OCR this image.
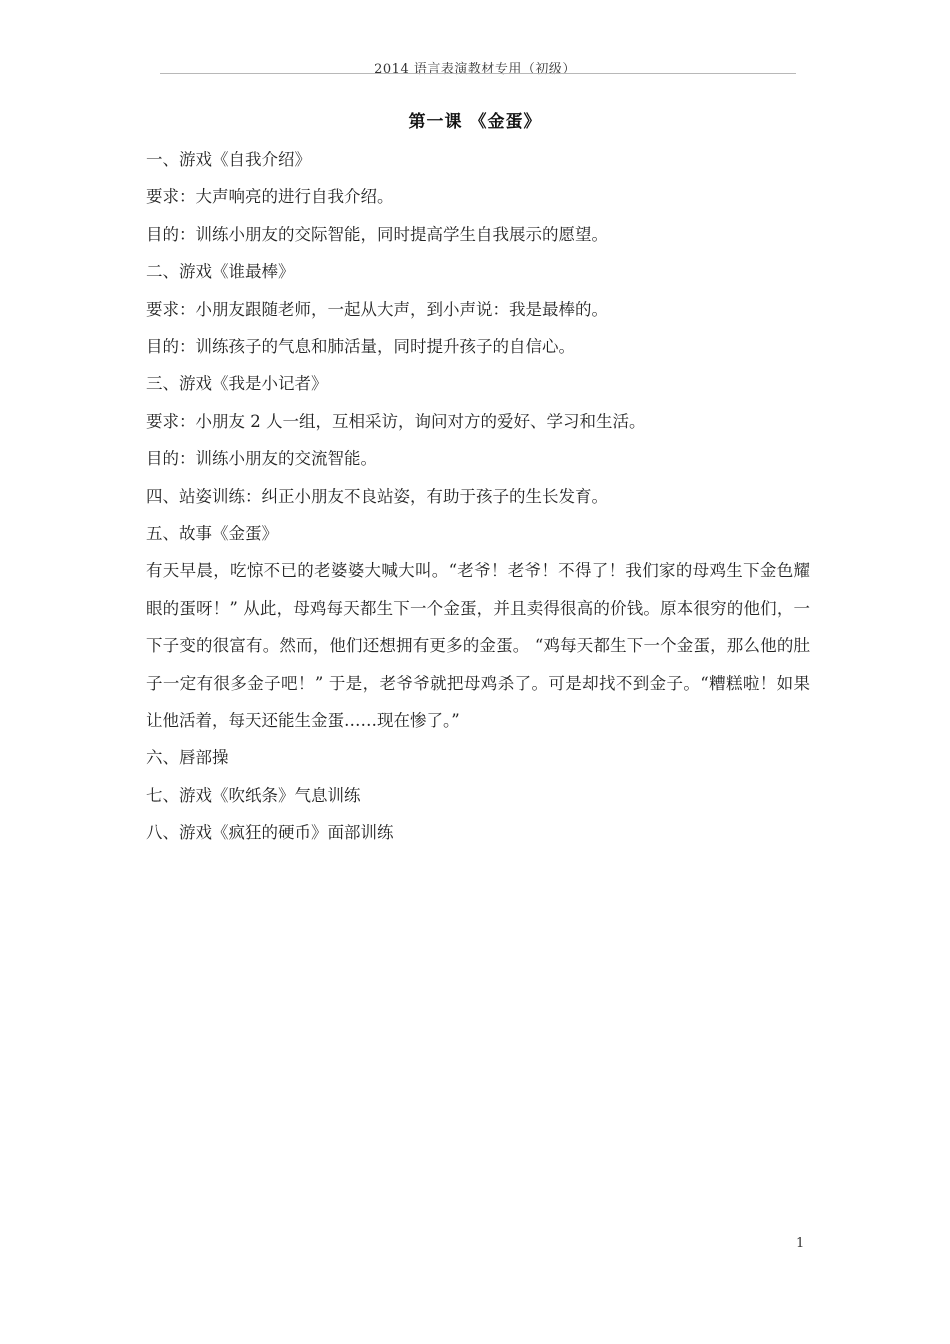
2014 语言表演教材专用（初级）
第一课 《金蛋》
一、游戏《自我介绍》
要求：大声响亮的进行自我介绍。
目的：训练小朋友的交际智能，同时提高学生自我展示的愿望。
二、游戏《谁最棒》
要求：小朋友跟随老师，一起从大声，到小声说：我是最棒的。
目的：训练孩子的气息和肺活量，同时提升孩子的自信心。
三、游戏《我是小记者》
要求：小朋友 2 人一组，互相采访，询问对方的爱好、学习和生活。
目的：训练小朋友的交流智能。
四、站姿训练：纠正小朋友不良站姿，有助于孩子的生长发育。
五、故事《金蛋》
有天早晨，吃惊不已的老婆婆大喊大叫。“老爷！老爷！不得了！我们家的母鸡生下金色耀眼的蛋呀！” 从此，母鸡每天都生下一个金蛋，并且卖得很高的价钱。原本很穷的他们，一下子变的很富有。然而，他们还想拥有更多的金蛋。 “鸡每天都生下一个金蛋，那么他的肚子一定有很多金子吧！” 于是，老爷爷就把母鸡杀了。可是却找不到金子。“糟糕啦！如果让他活着，每天还能生金蛋……现在惨了。”
六、唇部操
七、游戏《吹纸条》气息训练
八、游戏《疯狂的硬币》面部训练
1
